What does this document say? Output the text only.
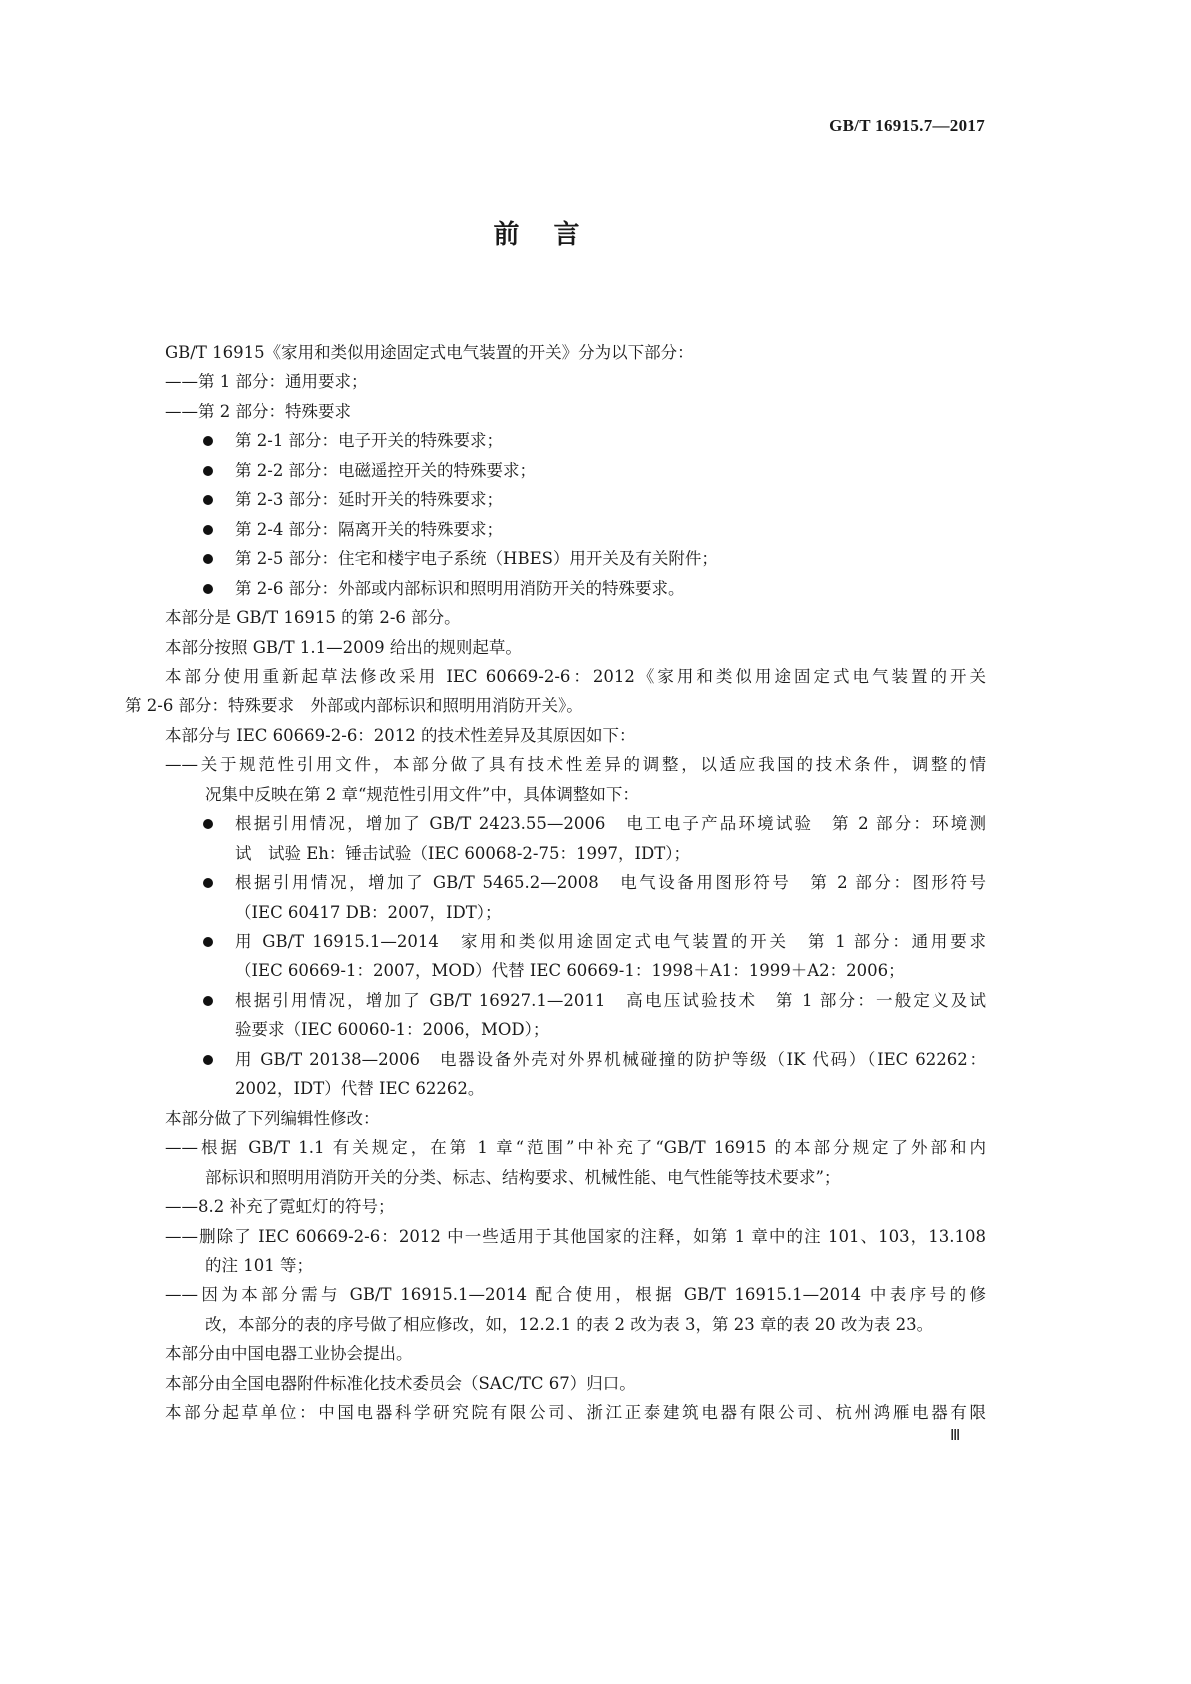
GB/T 16915.7—2017
前言
GB/T 16915《家用和类似用途固定式电气装置的开关》分为以下部分：
——第 1 部分：通用要求；
——第 2 部分：特殊要求
第 2-1 部分：电子开关的特殊要求；
第 2-2 部分：电磁遥控开关的特殊要求；
第 2-3 部分：延时开关的特殊要求；
第 2-4 部分：隔离开关的特殊要求；
第 2-5 部分：住宅和楼宇电子系统（HBES）用开关及有关附件；
第 2-6 部分：外部或内部标识和照明用消防开关的特殊要求。
本部分是 GB/T 16915 的第 2-6 部分。
本部分按照 GB/T 1.1—2009 给出的规则起草。
本部分使用重新起草法修改采用 IEC 60669-2-6：2012《家用和类似用途固定式电气装置的开关
第 2-6 部分：特殊要求　外部或内部标识和照明用消防开关》。
本部分与 IEC 60669-2-6：2012 的技术性差异及其原因如下：
——关于规范性引用文件，本部分做了具有技术性差异的调整，以适应我国的技术条件，调整的情
况集中反映在第 2 章“规范性引用文件”中，具体调整如下：
根据引用情况，增加了 GB/T 2423.55—2006　电工电子产品环境试验　第 2 部分：环境测
试　试验 Eh：锤击试验（IEC 60068-2-75：1997，IDT）；
根据引用情况，增加了 GB/T 5465.2—2008　电气设备用图形符号　第 2 部分：图形符号
（IEC 60417 DB：2007，IDT）；
用 GB/T 16915.1—2014　家用和类似用途固定式电气装置的开关　第 1 部分：通用要求
（IEC 60669-1：2007，MOD）代替 IEC 60669-1：1998＋A1：1999＋A2：2006；
根据引用情况，增加了 GB/T 16927.1—2011　高电压试验技术　第 1 部分：一般定义及试
验要求（IEC 60060-1：2006，MOD）；
用 GB/T 20138—2006　电器设备外壳对外界机械碰撞的防护等级（IK 代码）（IEC 62262：
2002，IDT）代替 IEC 62262。
本部分做了下列编辑性修改：
——根据 GB/T 1.1 有关规定，在第 1 章“范围”中补充了“GB/T 16915 的本部分规定了外部和内
部标识和照明用消防开关的分类、标志、结构要求、机械性能、电气性能等技术要求”；
——8.2 补充了霓虹灯的符号；
——删除了 IEC 60669-2-6：2012 中一些适用于其他国家的注释，如第 1 章中的注 101、103，13.108
的注 101 等；
——因为本部分需与 GB/T 16915.1—2014 配合使用，根据 GB/T 16915.1—2014 中表序号的修
改，本部分的表的序号做了相应修改，如，12.2.1 的表 2 改为表 3，第 23 章的表 20 改为表 23。
本部分由中国电器工业协会提出。
本部分由全国电器附件标准化技术委员会（SAC/TC 67）归口。
本部分起草单位：中国电器科学研究院有限公司、浙江正泰建筑电器有限公司、杭州鸿雁电器有限
Ⅲ
